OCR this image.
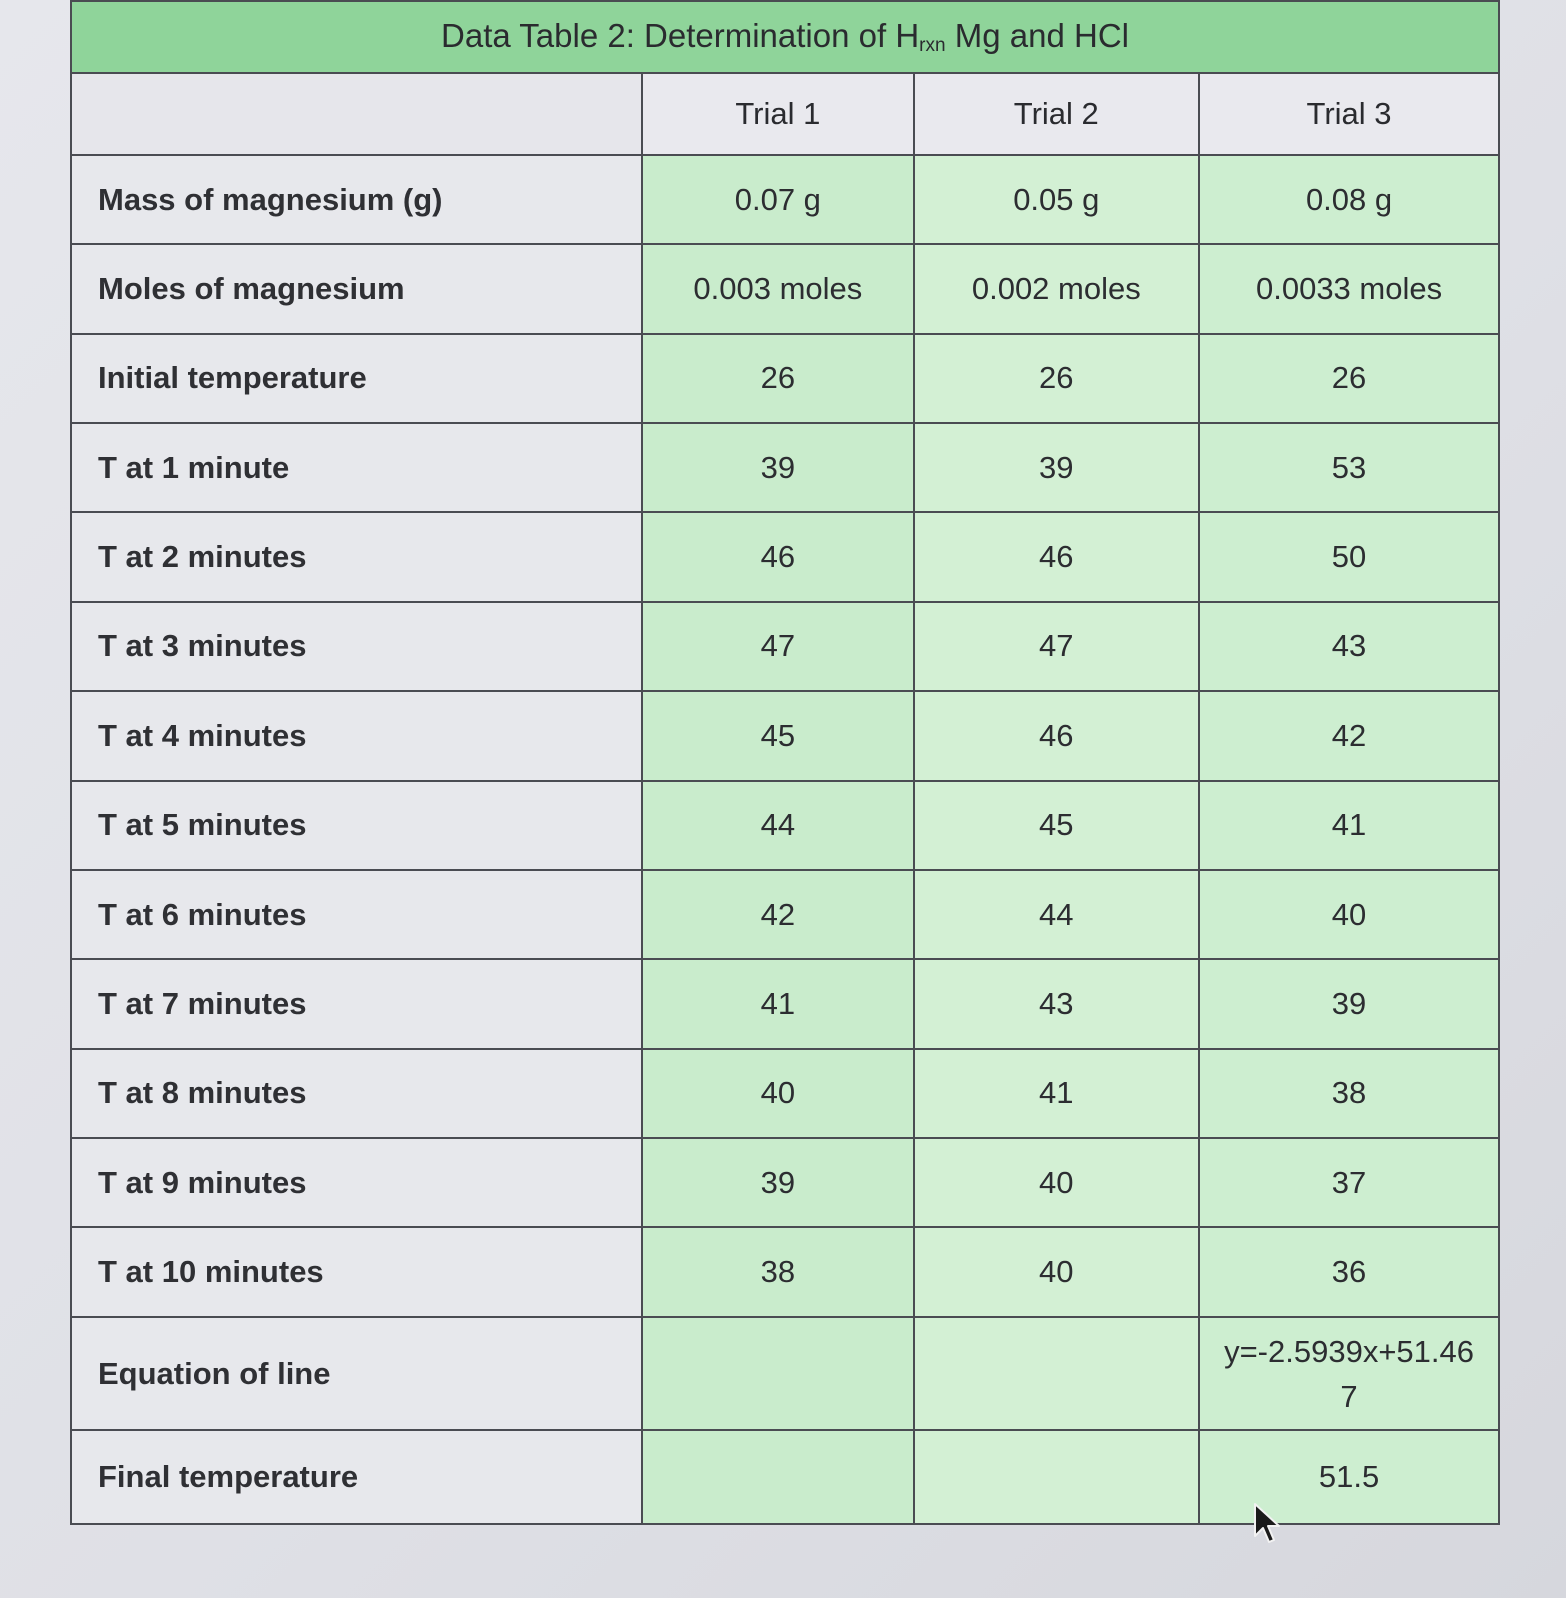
Data Table 2: Determination of $H_{rxn}$ Mg and HCl			
	Trial 1	Trial 2	Trial 3
Mass of magnesium (g)	0.07 g	0.05 g	0.08 g
Moles of magnesium	0.003 moles	0.002 moles	0.0033 moles
Initial temperature	26	26	26
T at 1 minute	39	39	53
T at 2 minutes	46	46	50
T at 3 minutes	47	47	43
T at 4 minutes	45	46	42
T at 5 minutes	44	45	41
T at 6 minutes	42	44	40
T at 7 minutes	41	43	39
T at 8 minutes	40	41	38
T at 9 minutes	39	40	37
T at 10 minutes	38	40	36
Equation of line			y=-2.5939x+51.467

Final temperature			51.5
